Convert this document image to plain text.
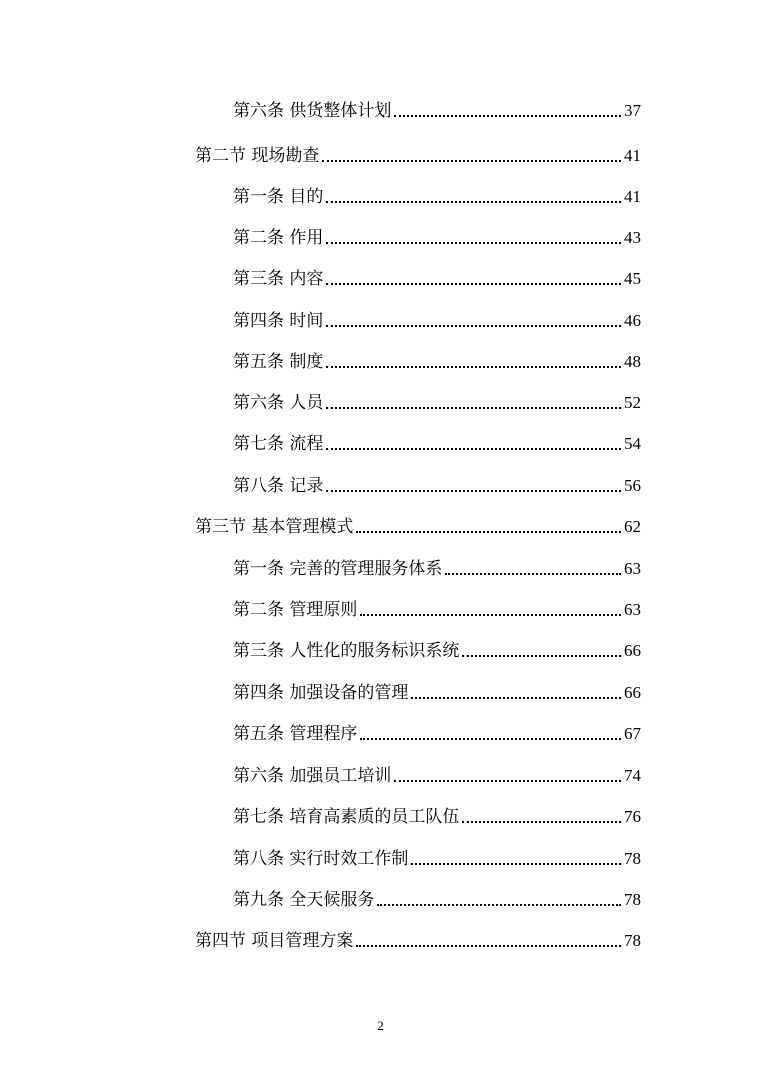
第六条 供货整体计划	37
第二节 现场勘查	41
第一条 目的	41
第二条 作用	43
第三条 内容	45
第四条 时间	46
第五条 制度	48
第六条 人员	52
第七条 流程	54
第八条 记录	56
第三节 基本管理模式	62
第一条 完善的管理服务体系	63
第二条 管理原则	63
第三条 人性化的服务标识系统	66
第四条 加强设备的管理	66
第五条 管理程序	67
第六条 加强员工培训	74
第七条 培育高素质的员工队伍	76
第八条 实行时效工作制	78
第九条 全天候服务	78
第四节 项目管理方案	78
2
